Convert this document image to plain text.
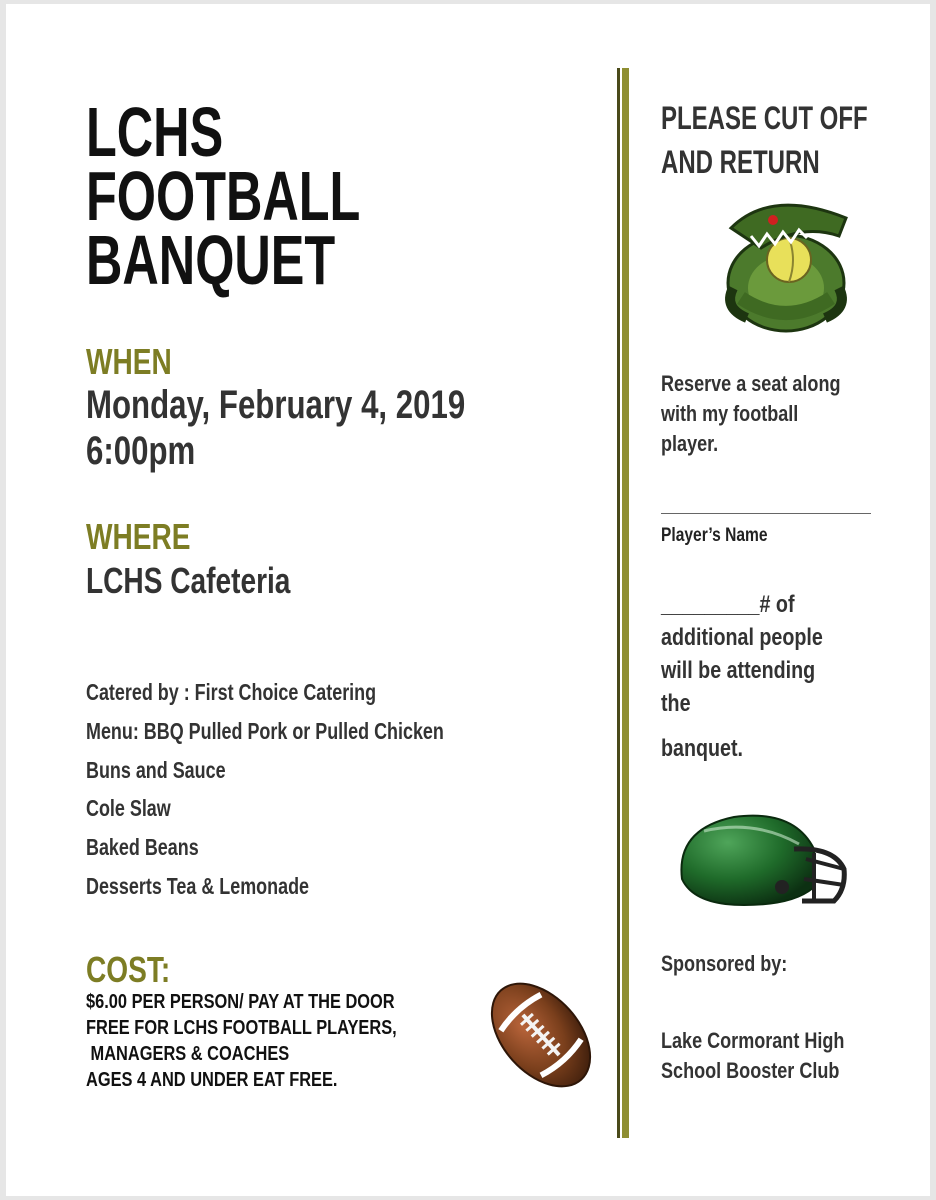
LCHS
FOOTBALL
BANQUET
WHEN
Monday, February 4, 2019
6:00pm
WHERE
LCHS Cafeteria
Catered by : First Choice Catering
Menu: BBQ Pulled Pork or Pulled Chicken
Buns and Sauce
Cole Slaw
Baked Beans
Desserts Tea & Lemonade
COST:
$6.00 PER PERSON/ PAY AT THE DOOR
FREE FOR LCHS FOOTBALL PLAYERS,
MANAGERS & COACHES
AGES 4 AND UNDER EAT FREE.
PLEASE CUT OFF
AND RETURN
Reserve a seat along
with my football
player.
Player’s Name
_________# of
additional people
will be attending
the
banquet.
Sponsored by:
Lake Cormorant High
School Booster Club
